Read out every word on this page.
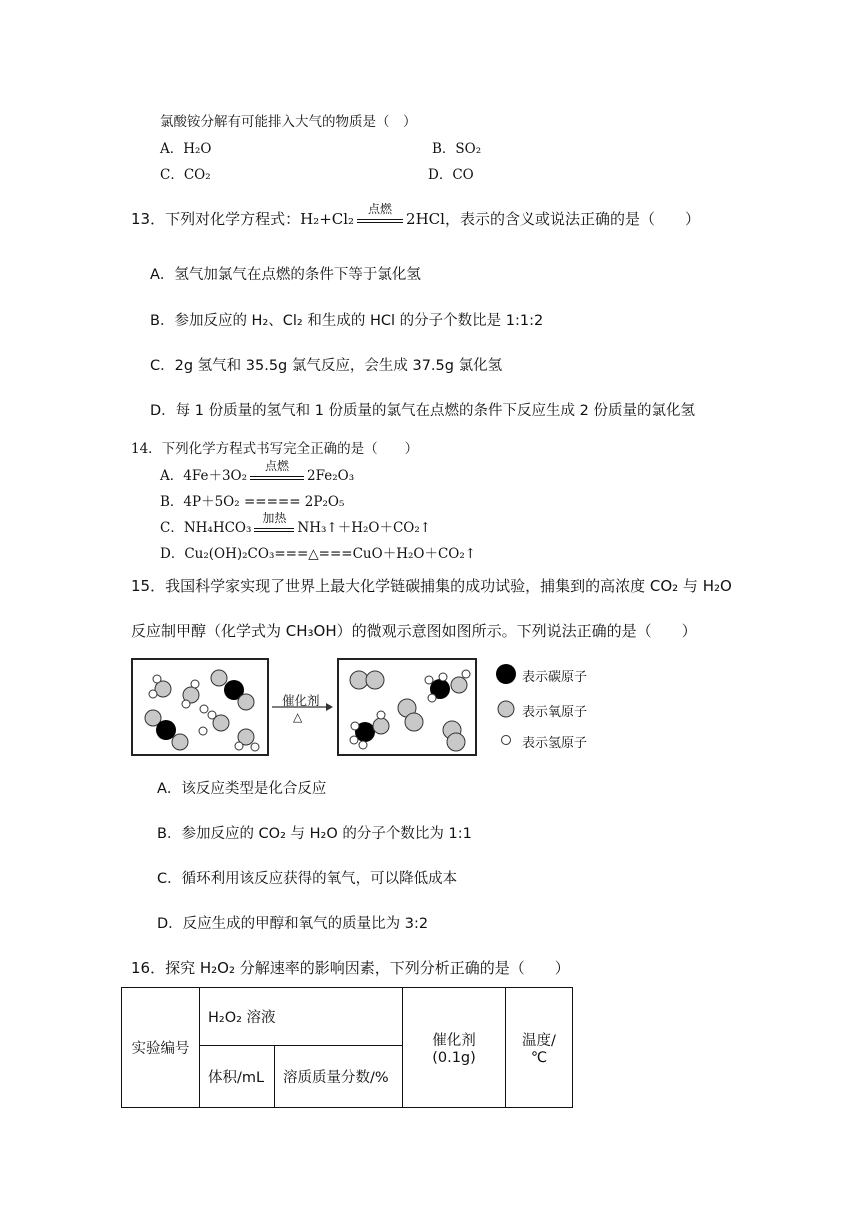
氯酸铵分解有可能排入大气的物质是（　）
A．H₂O	B．SO₂
C．CO₂	D．CO
13．下列对化学方程式：H₂+Cl₂
点燃
2HCl，表示的含义或说法正确的是（　　）
A．氢气加氯气在点燃的条件下等于氯化氢
B．参加反应的 H₂、Cl₂ 和生成的 HCl 的分子个数比是 1:1:2
C．2g 氢气和 35.5g 氯气反应，会生成 37.5g 氯化氢
D．每 1 份质量的氢气和 1 份质量的氯气在点燃的条件下反应生成 2 份质量的氯化氢
14．下列化学方程式书写完全正确的是（　　）
A．4Fe＋3O₂
点燃
2Fe₂O₃
B．4P＋5O₂ ===== 2P₂O₅
C．NH₄HCO₃
加热
NH₃↑＋H₂O＋CO₂↑
D．Cu₂(OH)₂CO₃===△===CuO＋H₂O＋CO₂↑
15．我国科学家实现了世界上最大化学链碳捕集的成功试验，捕集到的高浓度 CO₂ 与 H₂O
反应制甲醇（化学式为 CH₃OH）的微观示意图如图所示。下列说法正确的是（　　）
催化剂
△
表示碳原子
表示氧原子
表示氢原子
A．该反应类型是化合反应
B．参加反应的 CO₂ 与 H₂O 的分子个数比为 1:1
C．循环利用该反应获得的氧气，可以降低成本
D．反应生成的甲醇和氧气的质量比为 3:2
16．探究 H₂O₂ 分解速率的影响因素，下列分析正确的是（　　）
实验编号	H₂O₂ 溶液		催化剂(0.1g)	温度/℃
	体积/mL	溶质质量分数/%		
